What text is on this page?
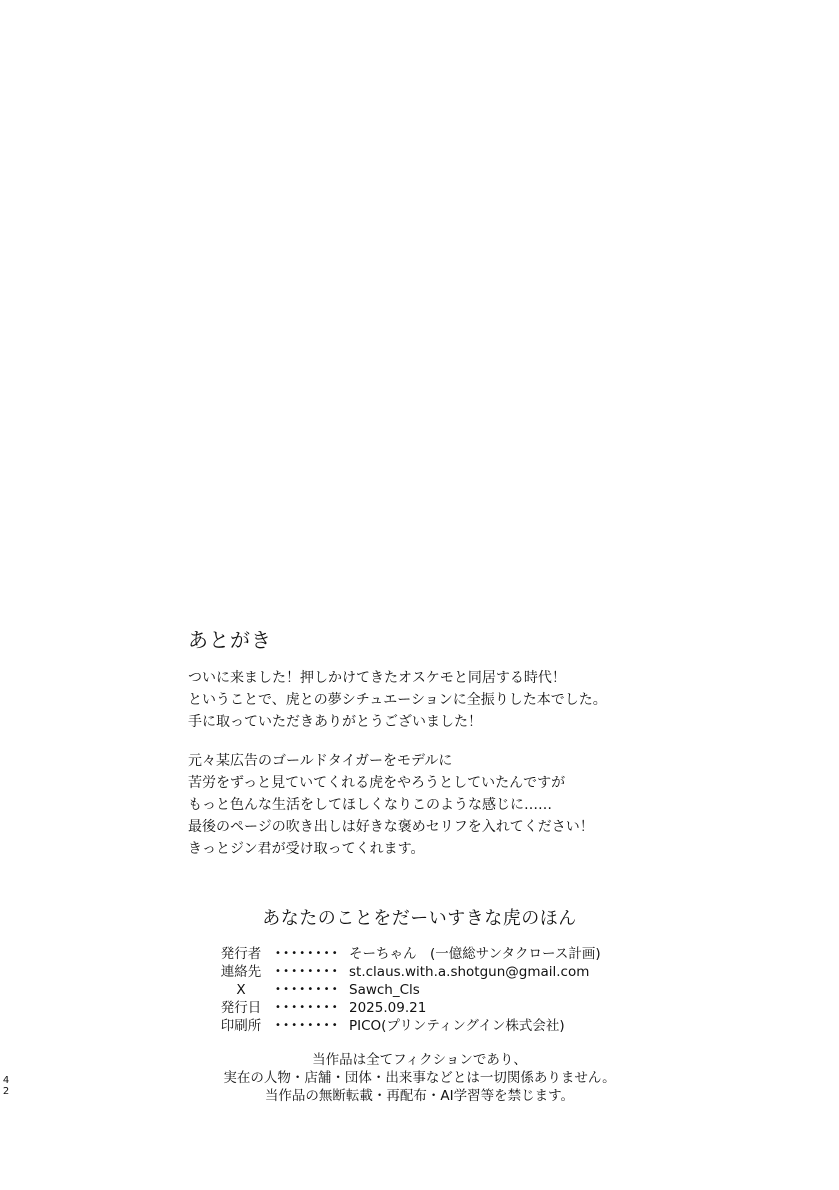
あとがき
ついに来ました！押しかけてきたオスケモと同居する時代！
ということで、虎との夢シチュエーションに全振りした本でした。
手に取っていただきありがとうございました！
元々某広告のゴールドタイガーをモデルに
苦労をずっと見ていてくれる虎をやろうとしていたんですが
もっと色んな生活をしてほしくなりこのような感じに……
最後のページの吹き出しは好きな褒めセリフを入れてください！
きっとジン君が受け取ってくれます。
あなたのことをだーいすきな虎のほん
発行者	•••••••• そーちゃん　(一億総サンタクロース計画)
連絡先	•••••••• st.claus.with.a.shotgun@gmail.com
X	•••••••• Sawch_Cls
発行日	•••••••• 2025.09.21
印刷所	•••••••• PICO(プリンティングイン株式会社)
当作品は全てフィクションであり、
実在の人物・店舗・団体・出来事などとは一切関係ありません。
当作品の無断転載・再配布・AI学習等を禁じます。
4
2
